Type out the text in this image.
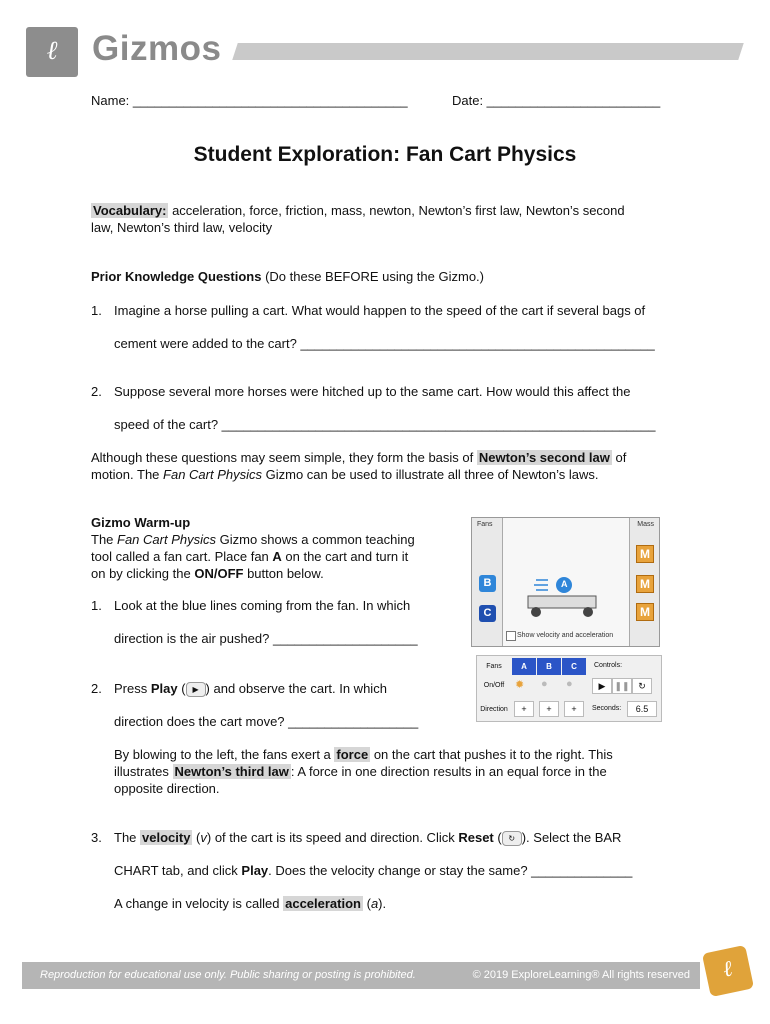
ℓ Gizmos
Name: ______________________________________	Date: ________________________
Student Exploration: Fan Cart Physics
Vocabulary: acceleration, force, friction, mass, newton, Newton’s first law, Newton’s second
law, Newton’s third law, velocity
Prior Knowledge Questions (Do these BEFORE using the Gizmo.)
1. Imagine a horse pulling a cart. What would happen to the speed of the cart if several bags of
cement were added to the cart? _________________________________________________
2. Suppose several more horses were hitched up to the same cart. How would this affect the
speed of the cart? ____________________________________________________________
Although these questions may seem simple, they form the basis of Newton’s second law of
motion. The Fan Cart Physics Gizmo can be used to illustrate all three of Newton’s laws.
Gizmo Warm-up
The Fan Cart Physics Gizmo shows a common teaching
tool called a fan cart. Place fan A on the cart and turn it
on by clicking the ON/OFF button below.
1. Look at the blue lines coming from the fan. In which
direction is the air pushed? ____________________
2. Press Play ( ▶ ) and observe the cart. In which
direction does the cart move? __________________
By blowing to the left, the fans exert a force on the cart that pushes it to the right. This
illustrates Newton’s third law : A force in one direction results in an equal force in the
opposite direction.
3. The velocity (v) of the cart is its speed and direction. Click Reset ( ↻ ). Select the BAR
CHART tab, and click Play. Does the velocity change or stay the same? ______________
A change in velocity is called acceleration (a).
Fans	Mass
B
C
M
M
M
A
Show velocity and acceleration
Fans	A	B	C	Controls:
On/Off ✹ ● ●	▶	❚❚ ↻
Direction	+	+	+	Seconds:	6.5
Reproduction for educational use only. Public sharing or posting is prohibited.	© 2019 ExploreLearning® All rights reserved	ℓ
